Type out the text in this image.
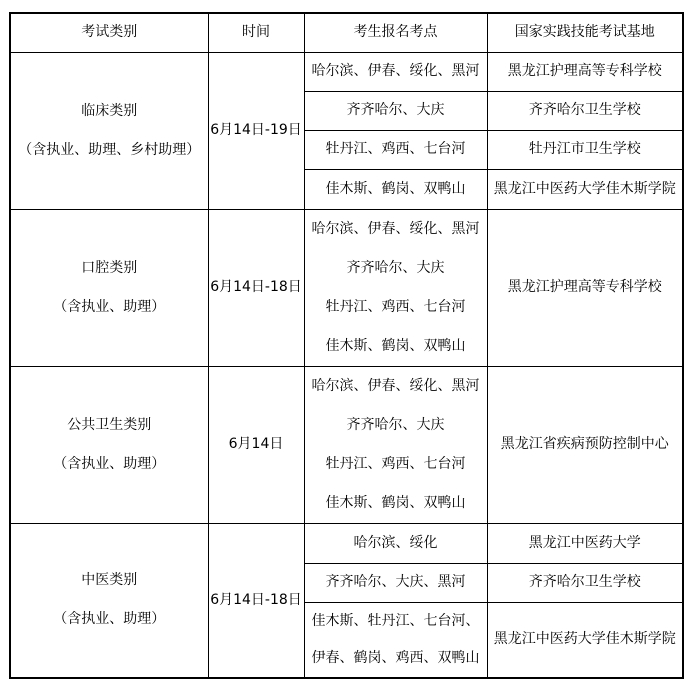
考试类别	时间	考生报名考点	国家实践技能考试基地

临床类别
（含执业、助理、乡村助理）	6月14日-19日	哈尔滨、伊春、绥化、黑河	黑龙江护理高等专科学校
		齐齐哈尔、大庆	齐齐哈尔卫生学校
		牡丹江、鸡西、七台河	牡丹江市卫生学校
		佳木斯、鹤岗、双鸭山	黑龙江中医药大学佳木斯学院

口腔类别
（含执业、助理）	6月14日-18日	哈尔滨、伊春、绥化、黑河
齐齐哈尔、大庆
牡丹江、鸡西、七台河
佳木斯、鹤岗、双鸭山	黑龙江护理高等专科学校

公共卫生类别
（含执业、助理）	6月14日	哈尔滨、伊春、绥化、黑河
齐齐哈尔、大庆
牡丹江、鸡西、七台河
佳木斯、鹤岗、双鸭山	黑龙江省疾病预防控制中心

中医类别
（含执业、助理）	6月14日-18日	哈尔滨、绥化	黑龙江中医药大学
		齐齐哈尔、大庆、黑河	齐齐哈尔卫生学校

		佳木斯、牡丹江、七台河、
伊春、鹤岗、鸡西、双鸭山	黑龙江中医药大学佳木斯学院
